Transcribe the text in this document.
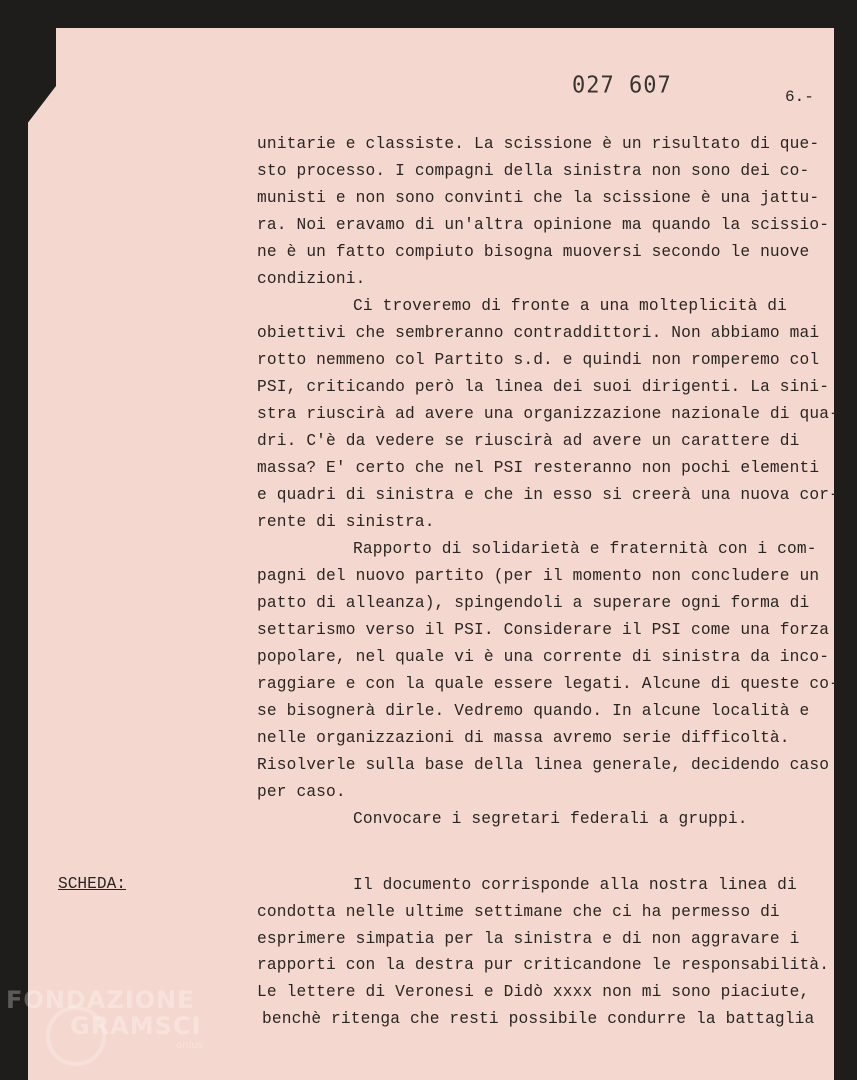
027 607	6.-
unitarie e classiste. La scissione è un risultato di que-
sto processo. I compagni della sinistra non sono dei co-
munisti e non sono convinti che la scissione è una jattu-
ra. Noi eravamo di un'altra opinione ma quando la scissio-
ne è un fatto compiuto bisogna muoversi secondo le nuove
condizioni.
Ci troveremo di fronte a una molteplicità di
obiettivi che sembreranno contraddittori. Non abbiamo mai
rotto nemmeno col Partito s.d. e quindi non romperemo col
PSI, criticando però la linea dei suoi dirigenti. La sini-
stra riuscirà ad avere una organizzazione nazionale di qua-
dri. C'è da vedere se riuscirà ad avere un carattere di
massa? E' certo che nel PSI resteranno non pochi elementi
e quadri di sinistra e che in esso si creerà una nuova cor-
rente di sinistra.
Rapporto di solidarietà e fraternità con i com-
pagni del nuovo partito (per il momento non concludere un
patto di alleanza), spingendoli a superare ogni forma di
settarismo verso il PSI. Considerare il PSI come una forza
popolare, nel quale vi è una corrente di sinistra da inco-
raggiare e con la quale essere legati. Alcune di queste co-
se bisognerà dirle. Vedremo quando. In alcune località e
nelle organizzazioni di massa avremo serie difficoltà.
Risolverle sulla base della linea generale, decidendo caso
per caso.
Convocare i segretari federali a gruppi.
Il documento corrisponde alla nostra linea di
condotta nelle ultime settimane che ci ha permesso di
esprimere simpatia per la sinistra e di non aggravare i
rapporti con la destra pur criticandone le responsabilità.
Le lettere di Veronesi e Didò xxxx non mi sono piaciute,
benchè ritenga che resti possibile condurre la battaglia
SCHEDA:
FONDAZIONE
GRAMSCI
onlus
